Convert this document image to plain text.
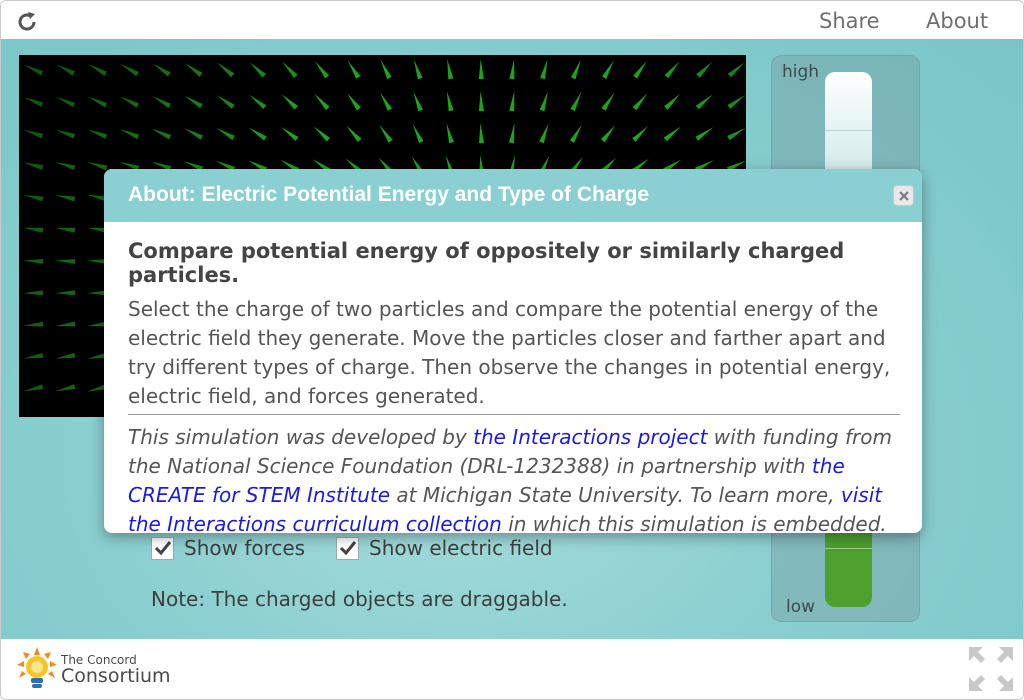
Share About
high
low
Show forces	Show electric field
Note: The charged objects are draggable.
The Concord
Consortium
About: Electric Potential Energy and Type of Charge

Compare potential energy of oppositely or similarly charged particles.

Select the charge of two particles and compare the potential energy of the electric field they generate. Move the particles closer and farther apart and try different types of charge. Then observe the changes in potential energy, electric field, and forces generated.

This simulation was developed by the Interactions project with funding from the National Science Foundation (DRL-1232388) in partnership with the CREATE for STEM Institute at Michigan State University. To learn more, visit the Interactions curriculum collection in which this simulation is embedded.
